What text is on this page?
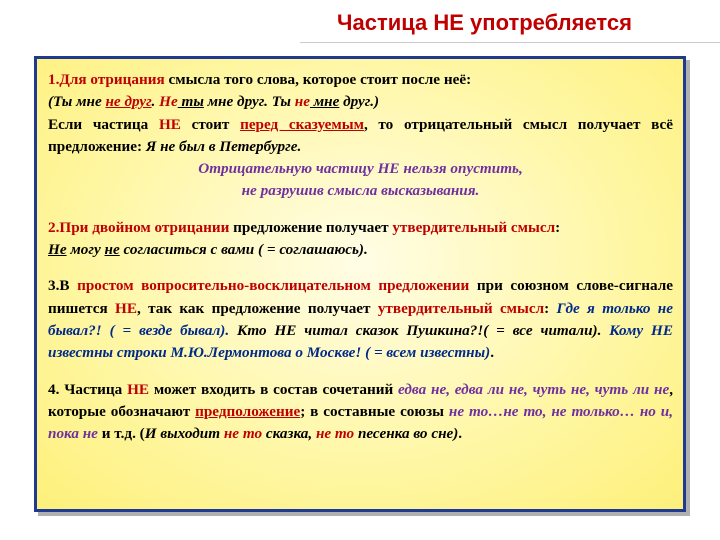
Частица НЕ употребляется

1.Для отрицания смысла того слова, которое стоит после неё:

(Ты мне не друг. Не ты мне друг. Ты не мне друг.)

Если частица НЕ стоит перед сказуемым, то отрицательный смысл получает всё предложение: Я не был в Петербурге.

Отрицательную частицу НЕ нельзя опустить,

не разрушив смысла высказывания.

2.При двойном отрицании предложение получает утвердительный смысл:
Не могу не согласиться с вами ( = соглашаюсь).

3.В простом вопросительно-восклицательном предложении при союзном слове-сигнале пишется НЕ, так как предложение получает утвердительный смысл: Где я только не бывал?! ( = везде бывал). Кто НЕ читал сказок Пушкина?!( = все читали). Кому НЕ известны строки М.Ю.Лермонтова о Москве! ( = всем известны).

4. Частица НЕ может входить в состав сочетаний едва не, едва ли не, чуть не, чуть ли не, которые обозначают предположение; в составные союзы не то…не то, не только… но и, пока не и т.д. (И выходит не то сказка, не то песенка во сне).
